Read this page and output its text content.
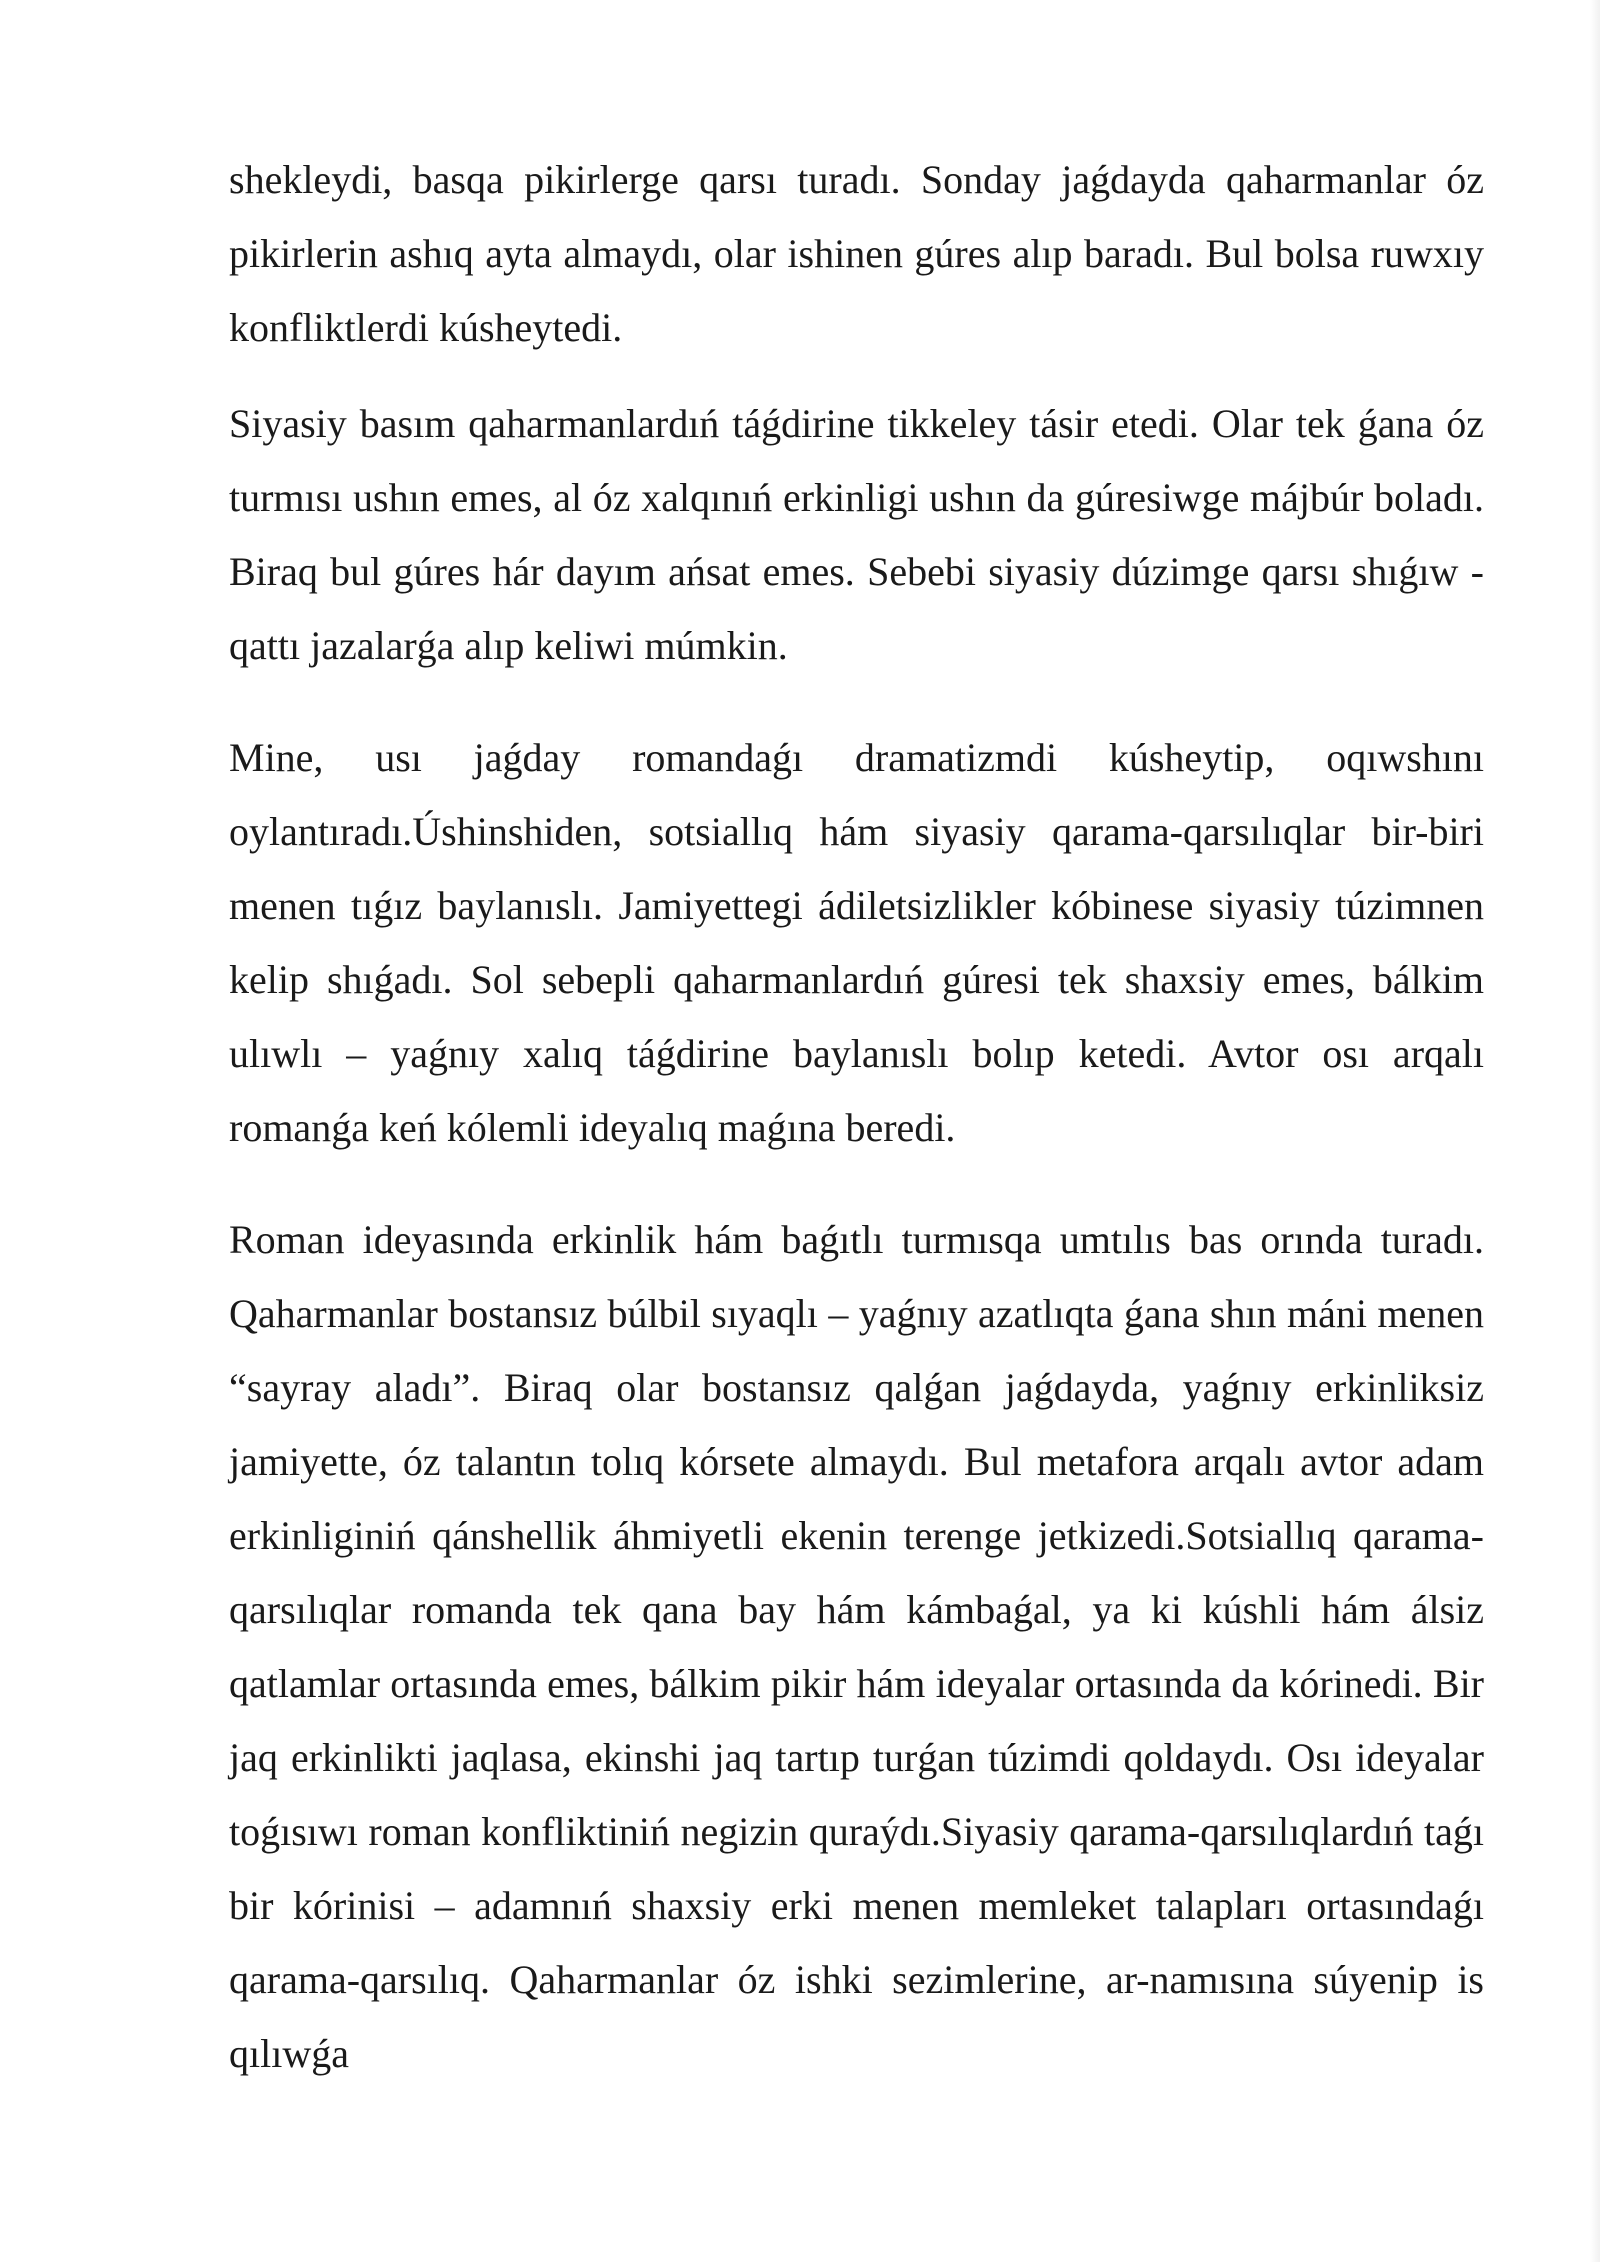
shekleydi, basqa pikirlerge qarsı turadı. Sonday jaǵdayda qaharmanlar óz pikirlerin ashıq ayta almaydı, olar ishinen gúres alıp baradı. Bul bolsa ruwxıy konfliktlerdi kúsheytedi.

Siyasiy basım qaharmanlardıń táǵdirine tikkeley tásir etedi. Olar tek ǵana óz turmısı ushın emes, al óz xalqınıń erkinligi ushın da gúresiwge májbúr boladı. Biraq bul gúres hár dayım ańsat emes. Sebebi siyasiy dúzimge qarsı shıǵıw - qattı jazalarǵa alıp keliwi múmkin.

Mine, usı jaǵday romandaǵı dramatizmdi kúsheytip, oqıwshını oylantıradı.Úshinshiden, sotsiallıq hám siyasiy qarama-qarsılıqlar bir-biri menen tıǵız baylanıslı. Jamiyettegi ádiletsizlikler kóbinese siyasiy túzimnen kelip shıǵadı. Sol sebepli qaharmanlardıń gúresi tek shaxsiy emes, bálkim ulıwlı – yaǵnıy xalıq táǵdirine baylanıslı bolıp ketedi. Avtor osı arqalı romanǵa keń kólemli ideyalıq maǵına beredi.

Roman ideyasında erkinlik hám baǵıtlı turmısqa umtılıs bas orında turadı. Qaharmanlar bostansız búlbil sıyaqlı – yaǵnıy azatlıqta ǵana shın máni menen “sayray aladı”. Biraq olar bostansız qalǵan jaǵdayda, yaǵnıy erkinliksiz jamiyette, óz talantın tolıq kórsete almaydı. Bul metafora arqalı avtor adam erkinliginiń qánshellik áhmiyetli ekenin terenge jetkizedi.Sotsiallıq qarama-qarsılıqlar romanda tek qana bay hám kámbaǵal, ya ki kúshli hám álsiz qatlamlar ortasında emes, bálkim pikir hám ideyalar ortasında da kórinedi. Bir jaq erkinlikti jaqlasa, ekinshi jaq tartıp turǵan túzimdi qoldaydı. Osı ideyalar toǵısıwı roman konfliktiniń negizin quraýdı.Siyasiy qarama-qarsılıqlardıń taǵı bir kórinisi – adamnıń shaxsiy erki menen memleket talapları ortasındaǵı qarama-qarsılıq. Qaharmanlar óz ishki sezimlerine, ar-namısına súyenip is qılıwǵa
